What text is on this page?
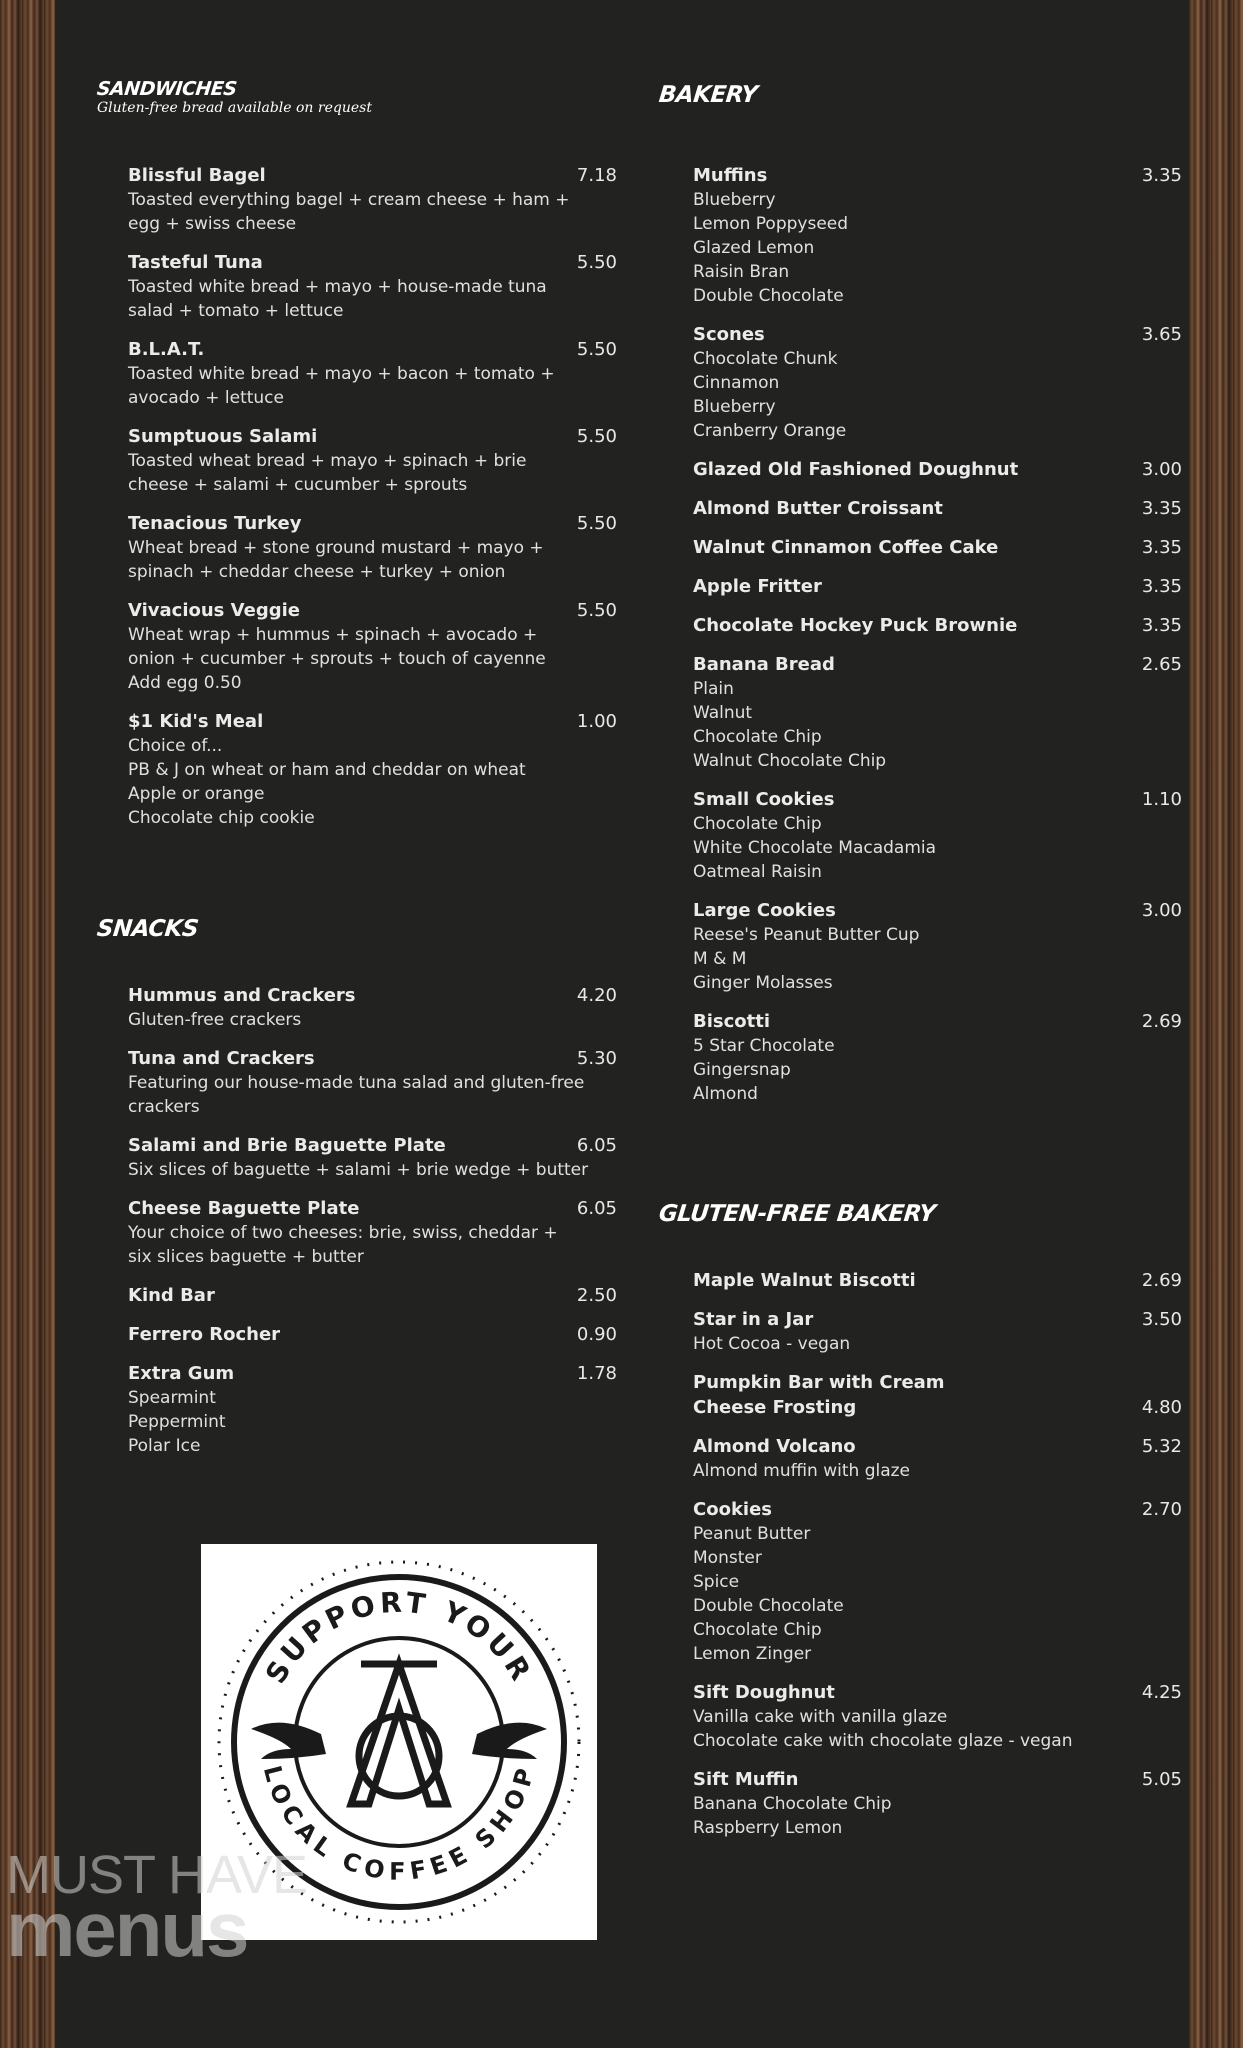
SANDWICHES
Gluten-free bread available on request
Blissful Bagel	7.18
Toasted everything bagel + cream cheese + ham +
egg + swiss cheese
Tasteful Tuna	5.50
Toasted white bread + mayo + house-made tuna
salad + tomato + lettuce
B.L.A.T.	5.50
Toasted white bread + mayo + bacon + tomato +
avocado + lettuce
Sumptuous Salami	5.50
Toasted wheat bread + mayo + spinach + brie
cheese + salami + cucumber + sprouts
Tenacious Turkey	5.50
Wheat bread + stone ground mustard + mayo +
spinach + cheddar cheese + turkey + onion
Vivacious Veggie	5.50
Wheat wrap + hummus + spinach + avocado +
onion + cucumber + sprouts + touch of cayenne
Add egg 0.50
$1 Kid's Meal	1.00
Choice of...
PB & J on wheat or ham and cheddar on wheat
Apple or orange
Chocolate chip cookie
SNACKS
Hummus and Crackers	4.20
Gluten-free crackers
Tuna and Crackers	5.30
Featuring our house-made tuna salad and gluten-free
crackers
Salami and Brie Baguette Plate	6.05
Six slices of baguette + salami + brie wedge + butter
Cheese Baguette Plate	6.05
Your choice of two cheeses: brie, swiss, cheddar +
six slices baguette + butter
Kind Bar	2.50
Ferrero Rocher	0.90
Extra Gum	1.78
Spearmint
Peppermint
Polar Ice
SUPPORT YOUR
LOCAL COFFEE SHOP
BAKERY
Muffins	3.35
Blueberry
Lemon Poppyseed
Glazed Lemon
Raisin Bran
Double Chocolate
Scones	3.65
Chocolate Chunk
Cinnamon
Blueberry
Cranberry Orange
Glazed Old Fashioned Doughnut	3.00
Almond Butter Croissant	3.35
Walnut Cinnamon Coffee Cake	3.35
Apple Fritter	3.35
Chocolate Hockey Puck Brownie	3.35
Banana Bread	2.65
Plain
Walnut
Chocolate Chip
Walnut Chocolate Chip
Small Cookies	1.10
Chocolate Chip
White Chocolate Macadamia
Oatmeal Raisin
Large Cookies	3.00
Reese's Peanut Butter Cup
M & M
Ginger Molasses
Biscotti	2.69
5 Star Chocolate
Gingersnap
Almond
GLUTEN-FREE BAKERY
Maple Walnut Biscotti	2.69
Star in a Jar	3.50
Hot Cocoa - vegan
Pumpkin Bar with Cream Cheese Frosting	4.80
Almond Volcano	5.32
Almond muffin with glaze
Cookies	2.70
Peanut Butter
Monster
Spice
Double Chocolate
Chocolate Chip
Lemon Zinger
Sift Doughnut	4.25
Vanilla cake with vanilla glaze
Chocolate cake with chocolate glaze - vegan
Sift Muffin	5.05
Banana Chocolate Chip
Raspberry Lemon
MUST HAVE
menus
